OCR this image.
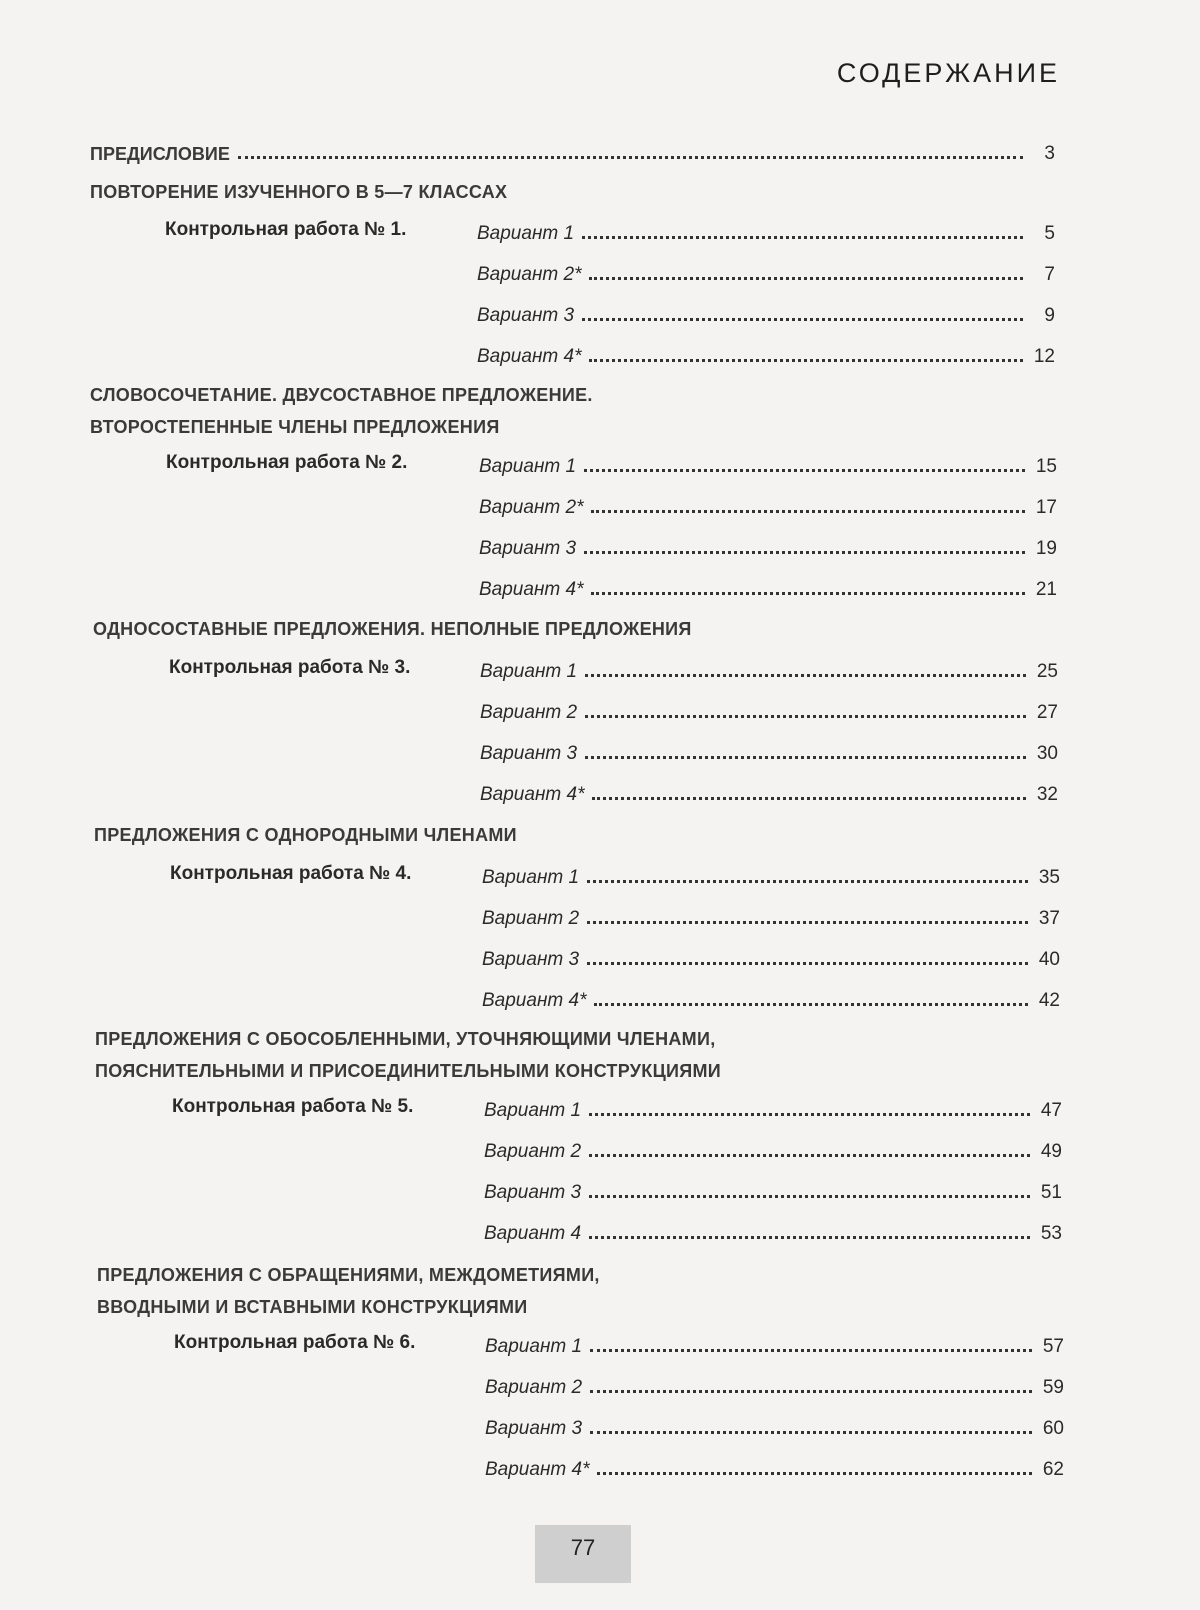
СОДЕРЖАНИЕ
ПРЕДИСЛОВИЕ	3
ПОВТОРЕНИЕ ИЗУЧЕННОГО В 5—7 КЛАССАХ
Контрольная работа № 1.	Вариант 1	5
Вариант 2*	7
Вариант 3	9
Вариант 4*	12
СЛОВОСОЧЕТАНИЕ. ДВУСОСТАВНОЕ ПРЕДЛОЖЕНИЕ.
ВТОРОСТЕПЕННЫЕ ЧЛЕНЫ ПРЕДЛОЖЕНИЯ
Контрольная работа № 2.	Вариант 1	15
Вариант 2*	17
Вариант 3	19
Вариант 4*	21
ОДНОСОСТАВНЫЕ ПРЕДЛОЖЕНИЯ. НЕПОЛНЫЕ ПРЕДЛОЖЕНИЯ
Контрольная работа № 3.	Вариант 1	25
Вариант 2	27
Вариант 3	30
Вариант 4*	32
ПРЕДЛОЖЕНИЯ С ОДНОРОДНЫМИ ЧЛЕНАМИ
Контрольная работа № 4.	Вариант 1	35
Вариант 2	37
Вариант 3	40
Вариант 4*	42
ПРЕДЛОЖЕНИЯ С ОБОСОБЛЕННЫМИ, УТОЧНЯЮЩИМИ ЧЛЕНАМИ,
ПОЯСНИТЕЛЬНЫМИ И ПРИСОЕДИНИТЕЛЬНЫМИ КОНСТРУКЦИЯМИ
Контрольная работа № 5.	Вариант 1	47
Вариант 2	49
Вариант 3	51
Вариант 4	53
ПРЕДЛОЖЕНИЯ С ОБРАЩЕНИЯМИ, МЕЖДОМЕТИЯМИ,
ВВОДНЫМИ И ВСТАВНЫМИ КОНСТРУКЦИЯМИ
Контрольная работа № 6.	Вариант 1	57
Вариант 2	59
Вариант 3	60
Вариант 4*	62
77
